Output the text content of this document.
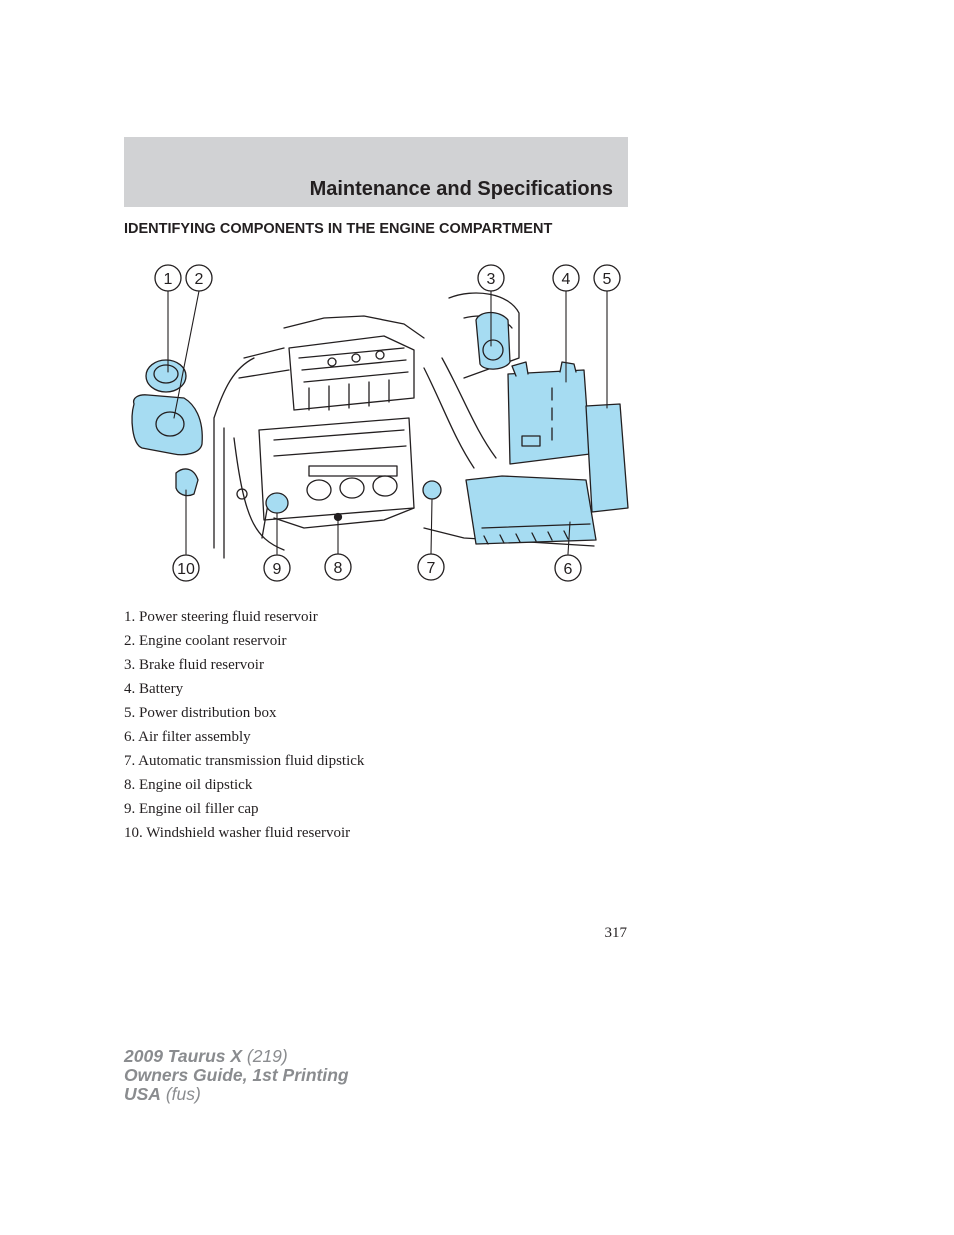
Maintenance and Specifications
IDENTIFYING COMPONENTS IN THE ENGINE COMPARTMENT
1 2	3	4 5
6
7
8
9
10
1. Power steering fluid reservoir
2. Engine coolant reservoir
3. Brake fluid reservoir
4. Battery
5. Power distribution box
6. Air filter assembly
7. Automatic transmission fluid dipstick
8. Engine oil dipstick
9. Engine oil filler cap
10. Windshield washer fluid reservoir
317
2009 Taurus X (219)
Owners Guide, 1st Printing
USA (fus)
